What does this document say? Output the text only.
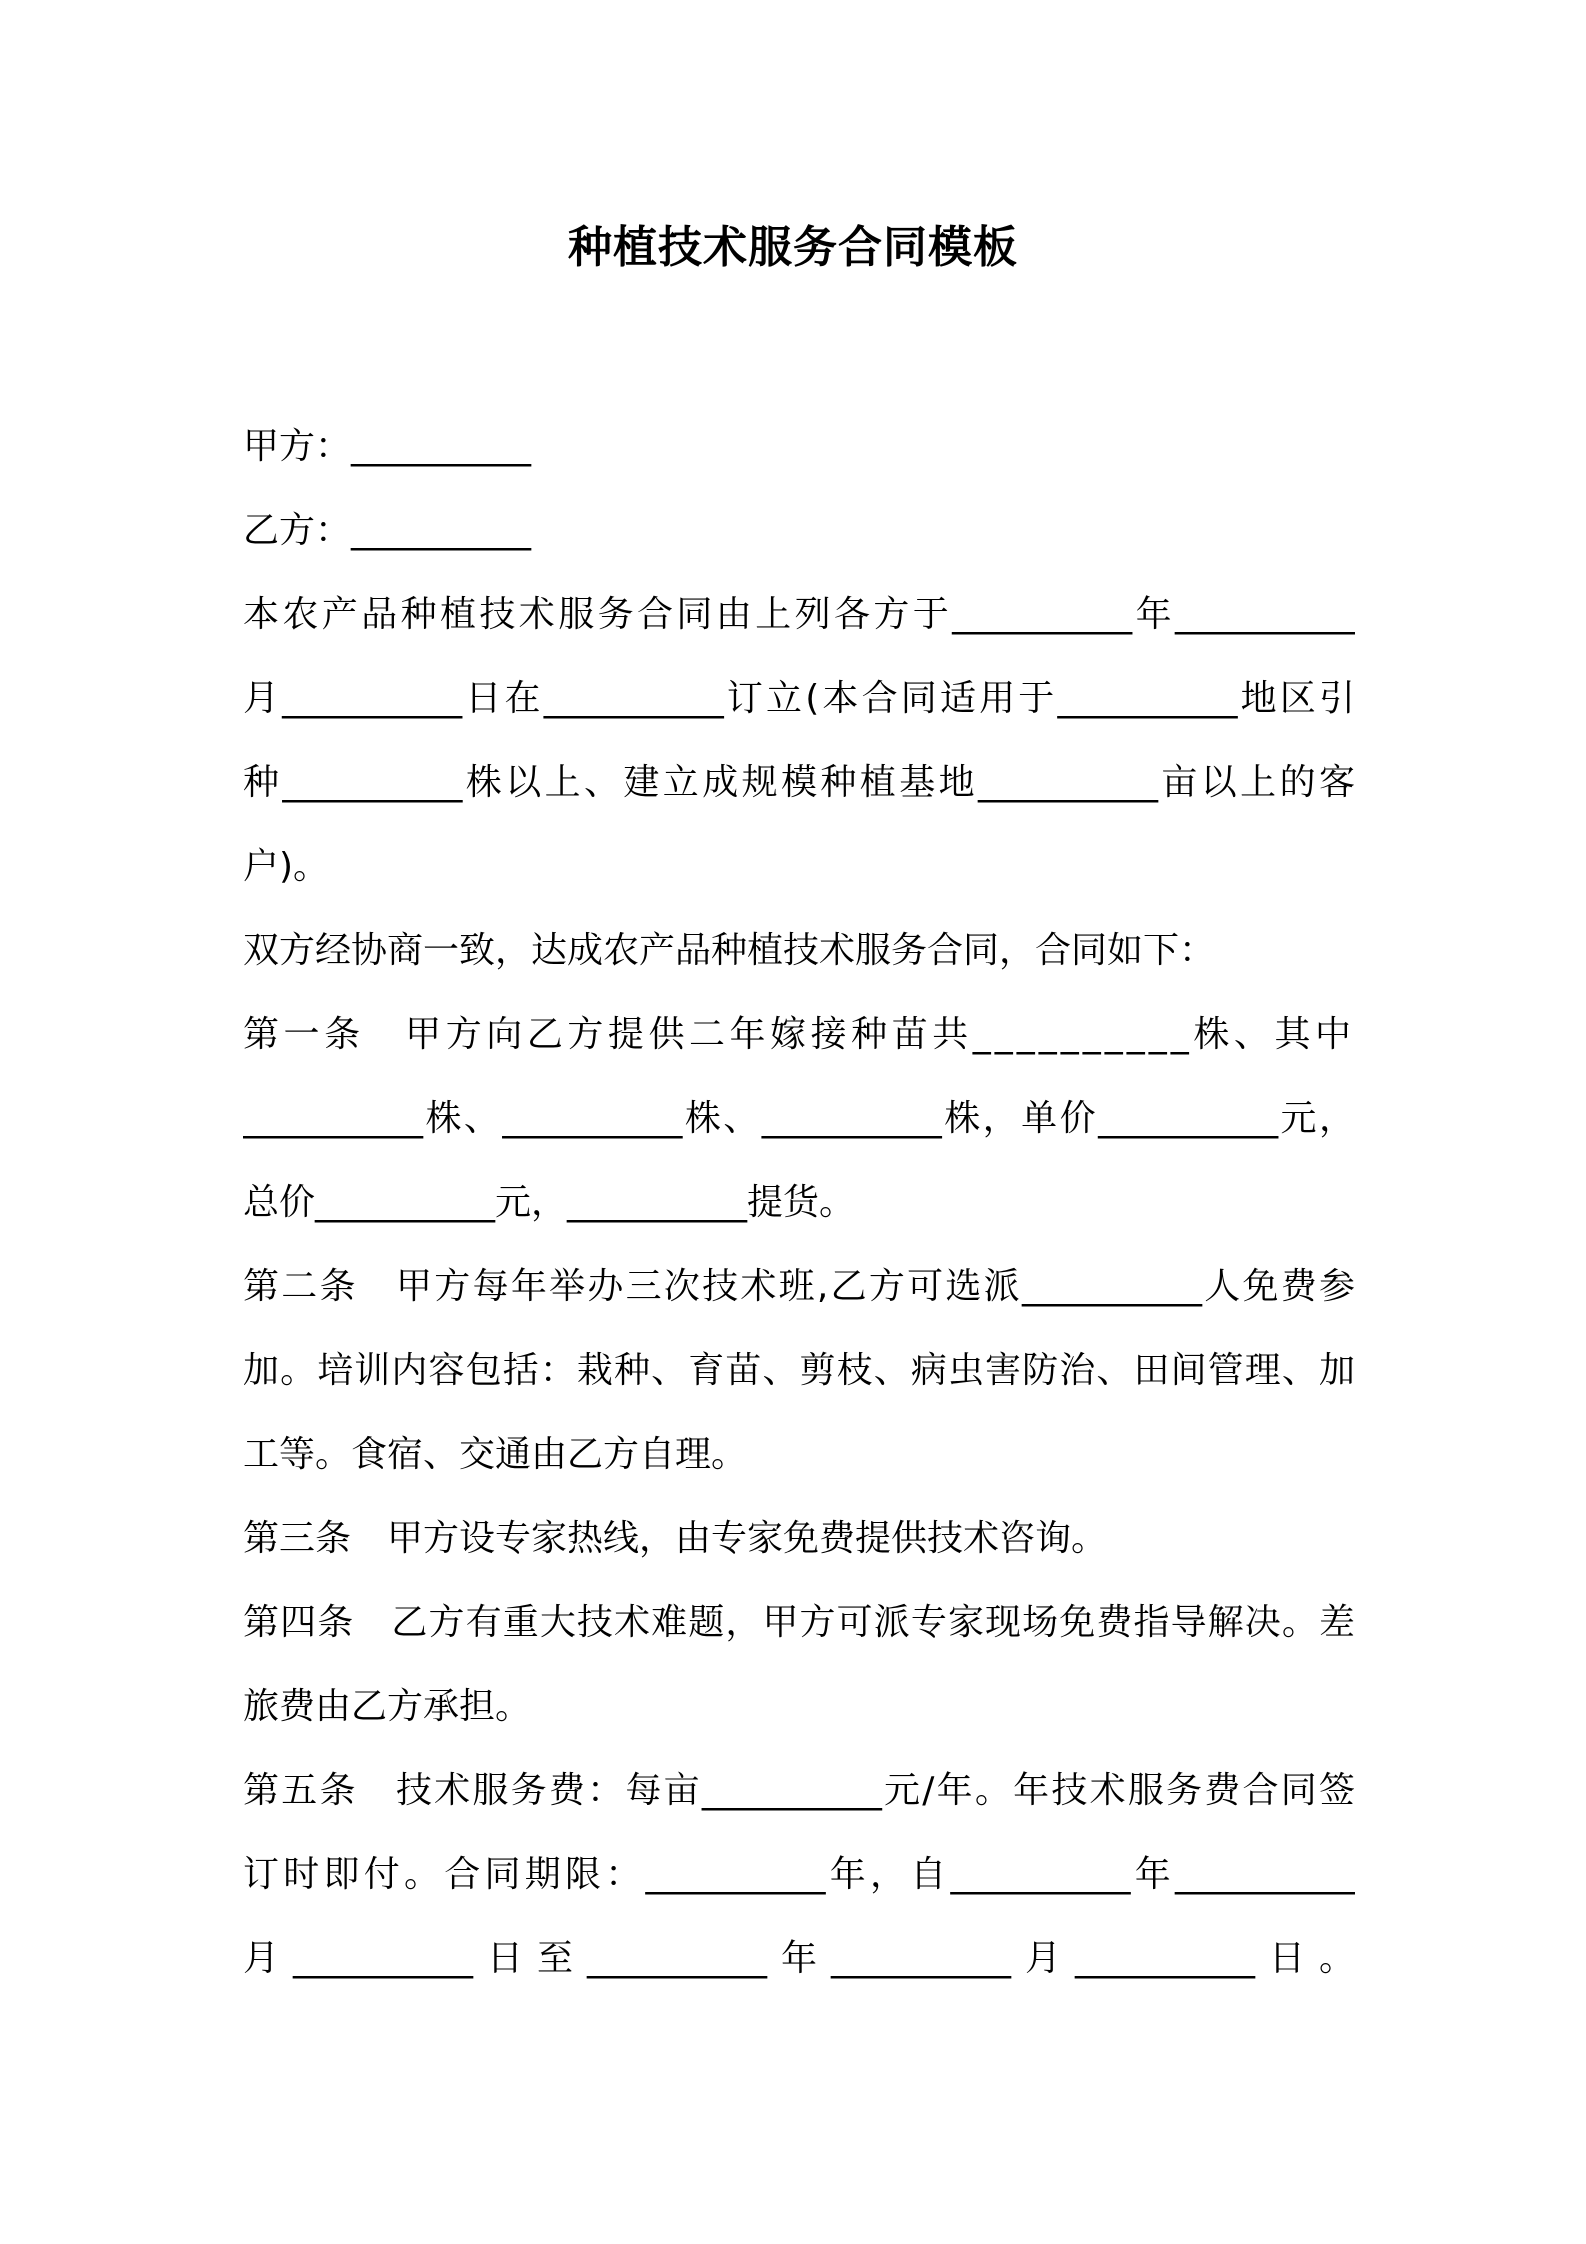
种植技术服务合同模板
甲方：__________
乙方：__________
本农产品种植技术服务合同由上列各方于__________年__________
月__________日在__________订立(本合同适用于__________地区引
种__________株以上、建立成规模种植基地__________亩以上的客
户)。
双方经协商一致，达成农产品种植技术服务合同，合同如下：
第一条　甲方向乙方提供二年嫁接种苗共__________株、其中
__________株、__________株、__________株，单价__________元，
总价__________元，__________提货。
第二条　甲方每年举办三次技术班,乙方可选派__________人免费参
加。培训内容包括：栽种、育苗、剪枝、病虫害防治、田间管理、加
工等。食宿、交通由乙方自理。
第三条　甲方设专家热线，由专家免费提供技术咨询。
第四条　乙方有重大技术难题，甲方可派专家现场免费指导解决。差
旅费由乙方承担。
第五条　技术服务费：每亩__________元/年。年技术服务费合同签
订时即付。合同期限：__________年，自__________年__________
月__________日至__________年__________月__________日。
